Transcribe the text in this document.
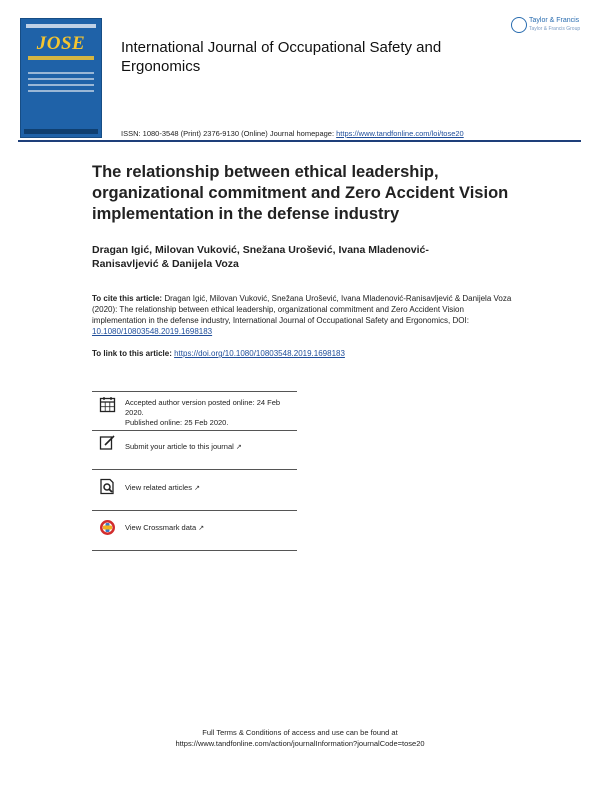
JOSE	International Journal of Occupational Safety and Ergonomics
Taylor & Francis
Taylor & Francis Group
ISSN: 1080-3548 (Print) 2376-9130 (Online) Journal homepage: https://www.tandfonline.com/loi/tose20
The relationship between ethical leadership, organizational commitment and Zero Accident Vision implementation in the defense industry
Dragan Igić, Milovan Vuković, Snežana Urošević, Ivana Mladenović-Ranisavljević & Danijela Voza
To cite this article: Dragan Igić, Milovan Vuković, Snežana Urošević, Ivana Mladenović-Ranisavljević & Danijela Voza (2020): The relationship between ethical leadership, organizational commitment and Zero Accident Vision implementation in the defense industry, International Journal of Occupational Safety and Ergonomics, DOI: 10.1080/10803548.2019.1698183
To link to this article: https://doi.org/10.1080/10803548.2019.1698183
Accepted author version posted online: 24 Feb 2020.
Published online: 25 Feb 2020.
Submit your article to this journal ↗
View related articles ↗
View Crossmark data ↗
Full Terms & Conditions of access and use can be found at
https://www.tandfonline.com/action/journalInformation?journalCode=tose20
